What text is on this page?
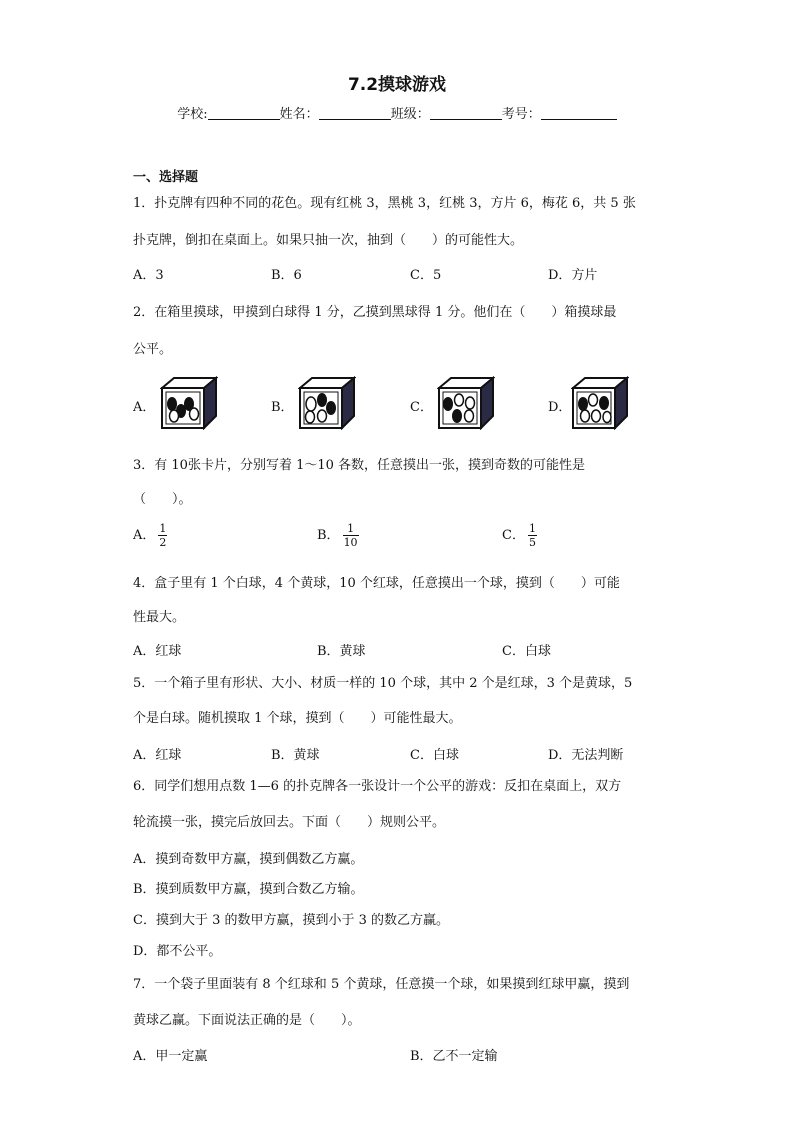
7.2摸球游戏
学校:	姓名：	班级：	考号：
一、选择题
1．扑克牌有四种不同的花色。现有红桃 3，黑桃 3，红桃 3，方片 6，梅花 6，共 5 张
扑克牌，倒扣在桌面上。如果只抽一次，抽到（　　）的可能性大。
A．3	B．6	C．5	D．方片
2．在箱里摸球，甲摸到白球得 1 分，乙摸到黑球得 1 分。他们在（　　）箱摸球最
公平。
A．	B．	C．	D．
3．有 10张卡片，分别写着 1～10 各数，任意摸出一张，摸到奇数的可能性是
（　　）。
A． $\frac{1}{2}$	B． $\frac{1}{10}$	C． $\frac{1}{5}$
4．盒子里有 1 个白球，4 个黄球，10 个红球，任意摸出一个球，摸到（　　）可能
性最大。
A．红球	B．黄球	C．白球
5．一个箱子里有形状、大小、材质一样的 10 个球，其中 2 个是红球，3 个是黄球，5
个是白球。随机摸取 1 个球，摸到（　　）可能性最大。
A．红球	B．黄球	C．白球	D．无法判断
6．同学们想用点数 1—6 的扑克牌各一张设计一个公平的游戏：反扣在桌面上，双方
轮流摸一张，摸完后放回去。下面（　　）规则公平。
A．摸到奇数甲方赢，摸到偶数乙方赢。
B．摸到质数甲方赢，摸到合数乙方输。
C．摸到大于 3 的数甲方赢，摸到小于 3 的数乙方赢。
D．都不公平。
7．一个袋子里面装有 8 个红球和 5 个黄球，任意摸一个球，如果摸到红球甲赢，摸到
黄球乙赢。下面说法正确的是（　　）。
A．甲一定赢	B．乙不一定输
